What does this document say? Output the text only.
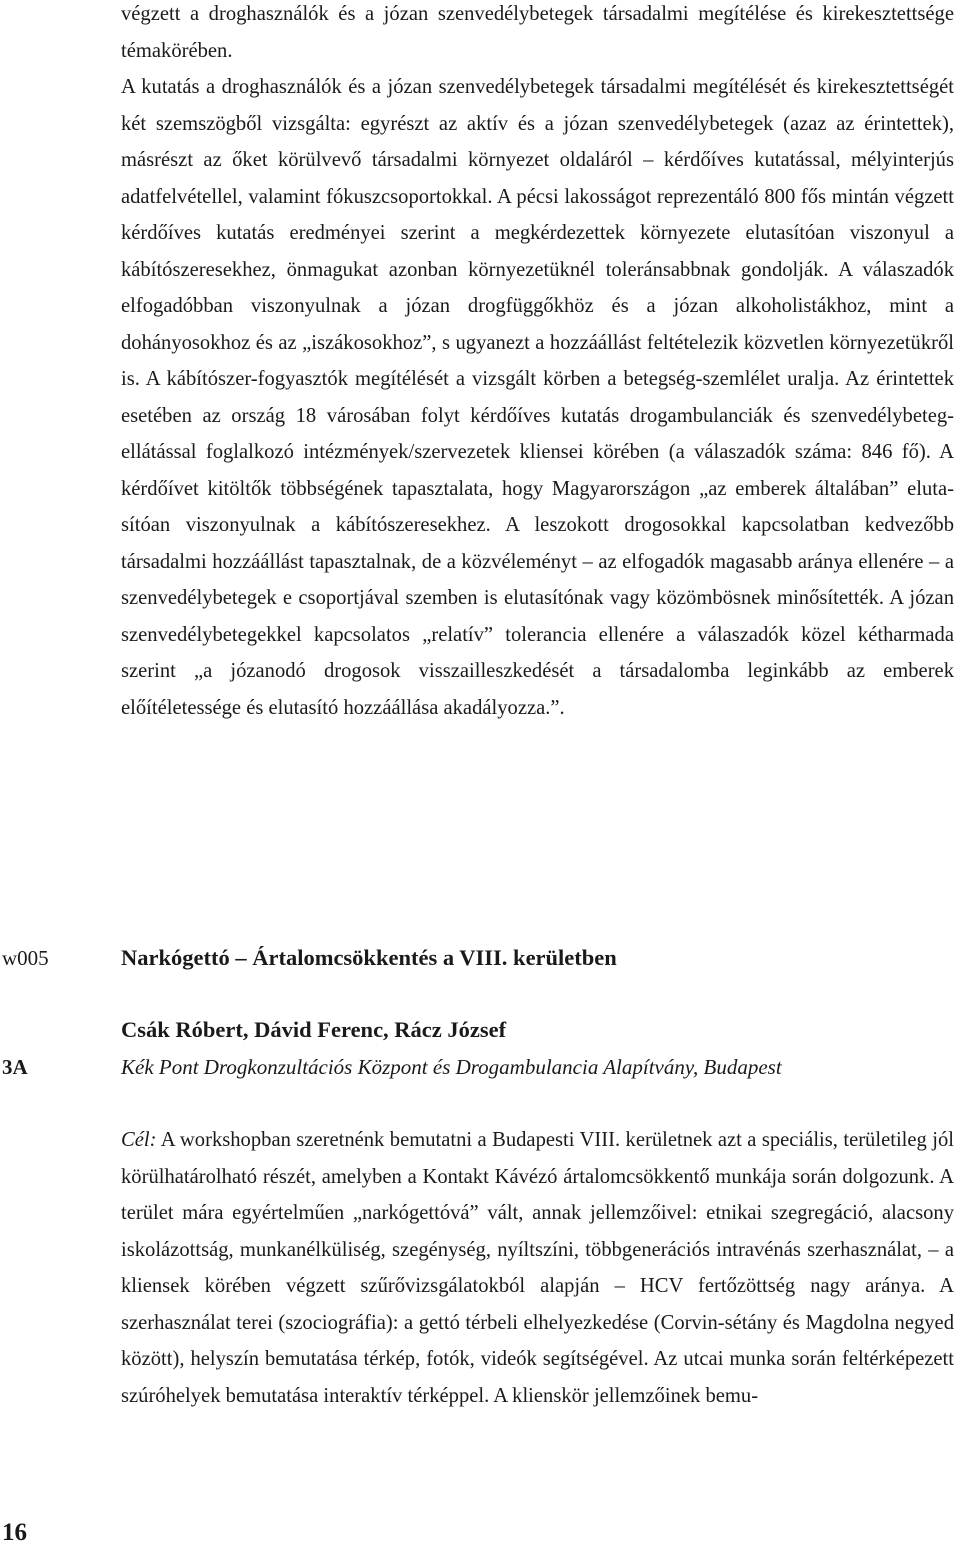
végzett a droghasználók és a józan szenvedélybetegek társadalmi megítélése és kirekesztettsége témakörében.
A kutatás a droghasználók és a józan szenvedélybetegek társadalmi megítélését és kirekesztettségét két szemszögből vizsgálta: egyrészt az aktív és a józan szenvedélybetegek (azaz az érintettek), másrészt az őket körülvevő társadalmi környezet oldaláról – kérdőíves kutatással, mélyinterjús adatfelvétellel, valamint fókuszcsoportokkal. A pécsi lakosságot reprezentáló 800 fős mintán végzett kérdőíves kutatás eredményei szerint a megkérdezettek környezete elutasítóan viszonyul a kábítószeresekhez, önmagukat azonban környezetüknél toleránsabbnak gondolják. A válaszadók elfogadóbban viszonyulnak a józan drogfüggőkhöz és a józan alkoholistákhoz, mint a dohányosokhoz és az „iszákosokhoz”, s ugyanezt a hozzáállást feltételezik közvetlen környezetükről is. A kábítószer-fogyasztók megítélését a vizsgált körben a betegség-szemlélet uralja. Az érintettek esetében az ország 18 városában folyt kérdőíves kutatás drogambulanciák és szenvedélybeteg-ellátással foglalkozó intézmények/szervezetek kliensei körében (a válaszadók száma: 846 fő). A kérdőívet kitöltők többségének tapasztalata, hogy Magyarországon „az emberek általában” elutasítóan viszonyulnak a kábítószeresekhez. A leszokott drogosokkal kapcsolatban kedvezőbb társadalmi hozzáállást tapasztalnak, de a közvéleményt – az elfogadók magasabb aránya ellenére – a szenvedélybetegek e csoportjával szemben is elutasítónak vagy közömbösnek minősítették. A józan szenvedélybetegekkel kapcsolatos „relatív” tolerancia ellenére a válaszadók közel kétharmada szerint „a józanodó drogosok visszailleszkedését a társadalomba leginkább az emberek előítéletessége és elutasító hozzáállása akadályozza.”.
w005	Narkógettó – Ártalomcsökkentés a VIII. kerületben
Csák Róbert, Dávid Ferenc, Rácz József
3A	Kék Pont Drogkonzultációs Központ és Drogambulancia Alapítvány, Budapest
Cél: A workshopban szeretnénk bemutatni a Budapesti VIII. kerületnek azt a speciális, területileg jól körülhatárolható részét, amelyben a Kontakt Kávézó ártalomcsökkentő munkája során dolgozunk. A terület mára egyértelműen „narkógettóvá” vált, annak jellemzőivel: etnikai szegregáció, alacsony iskolázottság, munkanélküliség, szegénység, nyíltszíni, többgenerációs intravénás szerhasználat, – a kliensek körében végzett szűrővizsgálatokból alapján – HCV fertőzöttség nagy aránya. A szerhasználat terei (szociográfia): a gettó térbeli elhelyezkedése (Corvin-sétány és Magdolna negyed között), helyszín bemutatása térkép, fotók, videók segítségével. Az utcai munka során feltérképezett szúróhelyek bemutatása interaktív térképpel. A klienskör jellemzőinek bemu-
16
